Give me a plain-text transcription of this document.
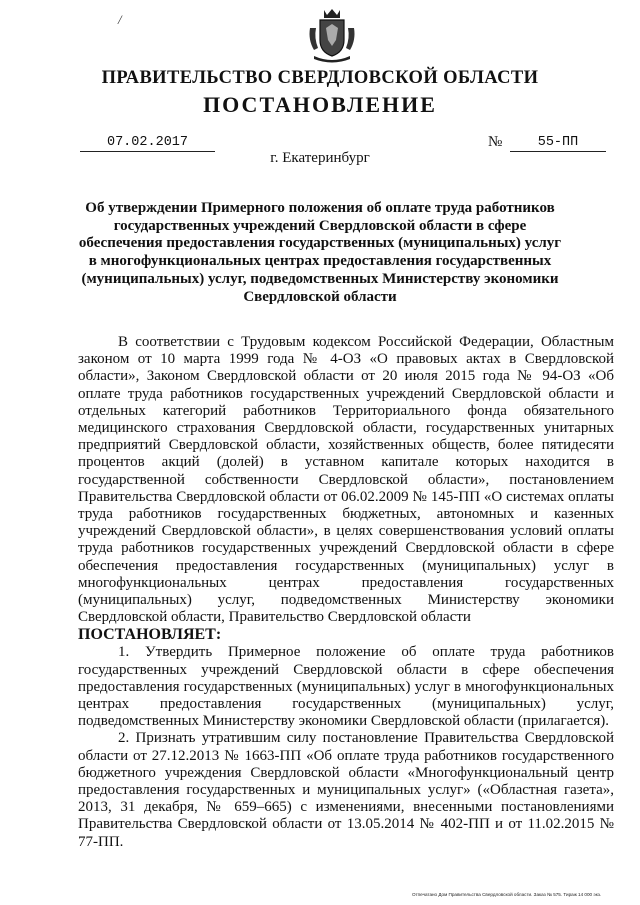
/
ПРАВИТЕЛЬСТВО СВЕРДЛОВСКОЙ ОБЛАСТИ
ПОСТАНОВЛЕНИЕ
07.02.2017	№	55-ПП
г. Екатеринбург
Об утверждении Примерного положения об оплате труда работников государственных учреждений Свердловской области в сфере обеспечения предоставления государственных (муниципальных) услуг в многофункциональных центрах предоставления государственных (муниципальных) услуг, подведомственных Министерству экономики Свердловской области

В соответствии с Трудовым кодексом Российской Федерации, Областным законом от 10 марта 1999 года № 4-ОЗ «О правовых актах в Свердловской области», Законом Свердловской области от 20 июля 2015 года № 94-ОЗ «Об оплате труда работников государственных учреждений Свердловской области и отдельных категорий работников Территориального фонда обязательного медицинского страхования Свердловской области, государственных унитарных предприятий Свердловской области, хозяйственных обществ, более пятидесяти процентов акций (долей) в уставном капитале которых находится в государственной собственности Свердловской области», постановлением Правительства Свердловской области от 06.02.2009 № 145-ПП «О системах оплаты труда работников государственных бюджетных, автономных и казенных учреждений Свердловской области», в целях совершенствования условий оплаты труда работников государственных учреждений Свердловской области в сфере обеспечения предоставления государственных (муниципальных) услуг в многофункциональных центрах предоставления государственных (муниципальных) услуг, подведомственных Министерству экономики Свердловской области, Правительство Свердловской области

ПОСТАНОВЛЯЕТ:

1. Утвердить Примерное положение об оплате труда работников государственных учреждений Свердловской области в сфере обеспечения предоставления государственных (муниципальных) услуг в многофункциональных центрах предоставления государственных (муниципальных) услуг, подведомственных Министерству экономики Свердловской области (прилагается).

2. Признать утратившим силу постановление Правительства Свердловской области от 27.12.2013 № 1663-ПП «Об оплате труда работников государственного бюджетного учреждения Свердловской области «Многофункциональный центр предоставления государственных и муниципальных услуг» («Областная газета», 2013, 31 декабря, № 659–665) с изменениями, внесенными постановлениями Правительства Свердловской области от 13.05.2014 № 402-ПП и от 11.02.2015 № 77-ПП.

Отпечатано Дом Правительства Свердловской области. Заказ № 575. Тираж 14 000 экз.
